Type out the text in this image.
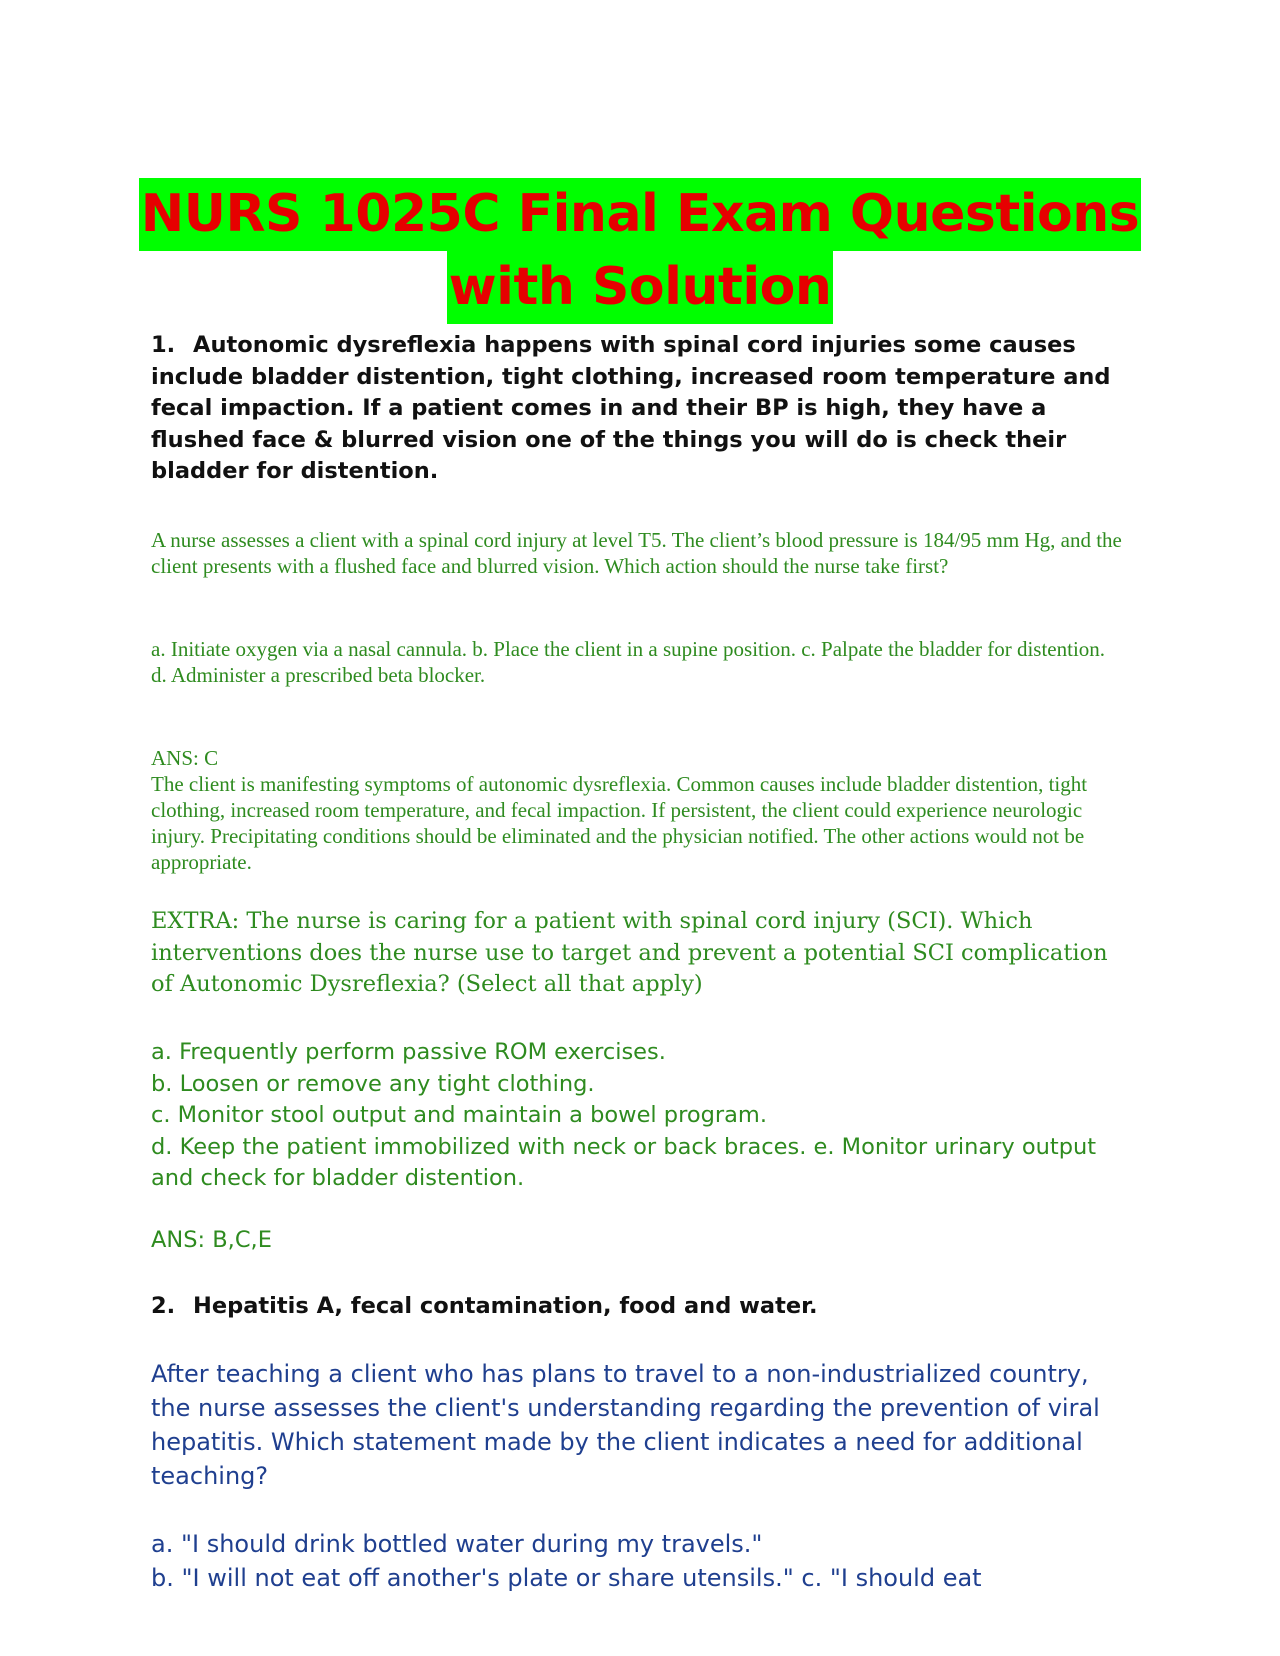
NURS 1025C Final Exam Questions
with Solution
1. Autonomic dysreflexia happens with spinal cord injuries some causes include bladder distention, tight clothing, increased room temperature and fecal impaction. If a patient comes in and their BP is high, they have a flushed face & blurred vision one of the things you will do is check their bladder for distention.
A nurse assesses a client with a spinal cord injury at level T5. The client’s blood pressure is 184/95 mm Hg, and the client presents with a flushed face and blurred vision. Which action should the nurse take first?
a. Initiate oxygen via a nasal cannula. b. Place the client in a supine position. c. Palpate the bladder for distention.
d. Administer a prescribed beta blocker.
ANS: C
The client is manifesting symptoms of autonomic dysreflexia. Common causes include bladder distention, tight clothing, increased room temperature, and fecal impaction. If persistent, the client could experience neurologic injury. Precipitating conditions should be eliminated and the physician notified. The other actions would not be appropriate.
EXTRA: The nurse is caring for a patient with spinal cord injury (SCI). Which interventions does the nurse use to target and prevent a potential SCI complication of Autonomic Dysreflexia? (Select all that apply)
a. Frequently perform passive ROM exercises.
b. Loosen or remove any tight clothing.
c. Monitor stool output and maintain a bowel program.
d. Keep the patient immobilized with neck or back braces. e. Monitor urinary output and check for bladder distention.
ANS: B,C,E
2. Hepatitis A, fecal contamination, food and water.
After teaching a client who has plans to travel to a non-industrialized country, the nurse assesses the client's understanding regarding the prevention of viral hepatitis. Which statement made by the client indicates a need for additional teaching?
a. "I should drink bottled water during my travels."
b. "I will not eat off another's plate or share utensils." c. "I should eat
